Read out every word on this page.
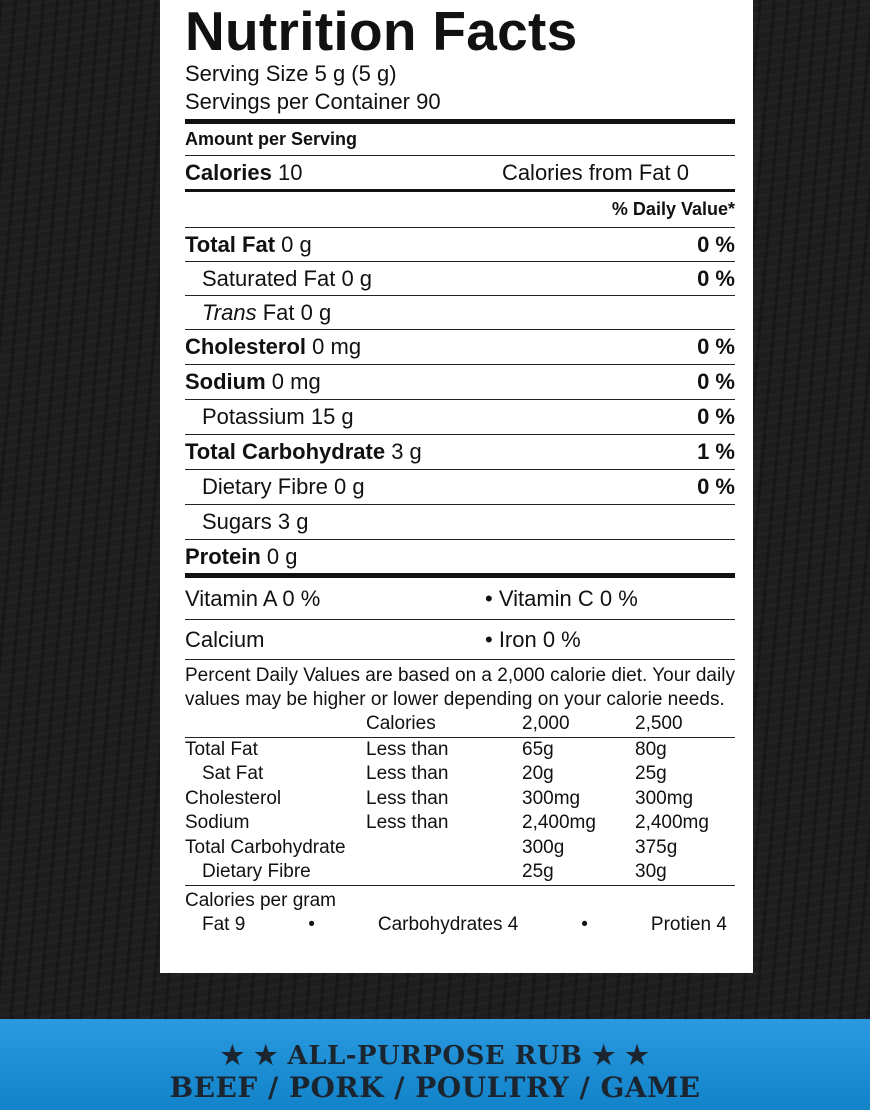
Nutrition Facts
Serving Size 5 g (5 g)
Servings per Container 90
Amount per Serving
Calories 10	Calories from Fat 0
% Daily Value*
Total Fat 0 g	0 %
Saturated Fat 0 g	0 %
Trans Fat 0 g
Cholesterol 0 mg	0 %
Sodium 0 mg	0 %
Potassium 15 g	0 %
Total Carbohydrate 3 g	1 %
Dietary Fibre 0 g	0 %
Sugars 3 g
Protein 0 g
Vitamin A 0 %	• Vitamin C 0 %
Calcium	• Iron 0 %
Percent Daily Values are based on a 2,000 calorie diet. Your daily values may be higher or lower depending on your calorie needs.
	Calories	2,000	2,500
Total Fat	Less than	65g	80g
Sat Fat	Less than	20g	25g
Cholesterol	Less than	300mg	300mg
Sodium	Less than	2,400mg	2,400mg
Total Carbohydrate		300g	375g
Dietary Fibre		25g	30g
Calories per gram
Fat 9	•	Carbohydrates 4	•	Protien 4
★ ★ ALL-PURPOSE RUB ★ ★
BEEF / PORK / POULTRY / GAME
